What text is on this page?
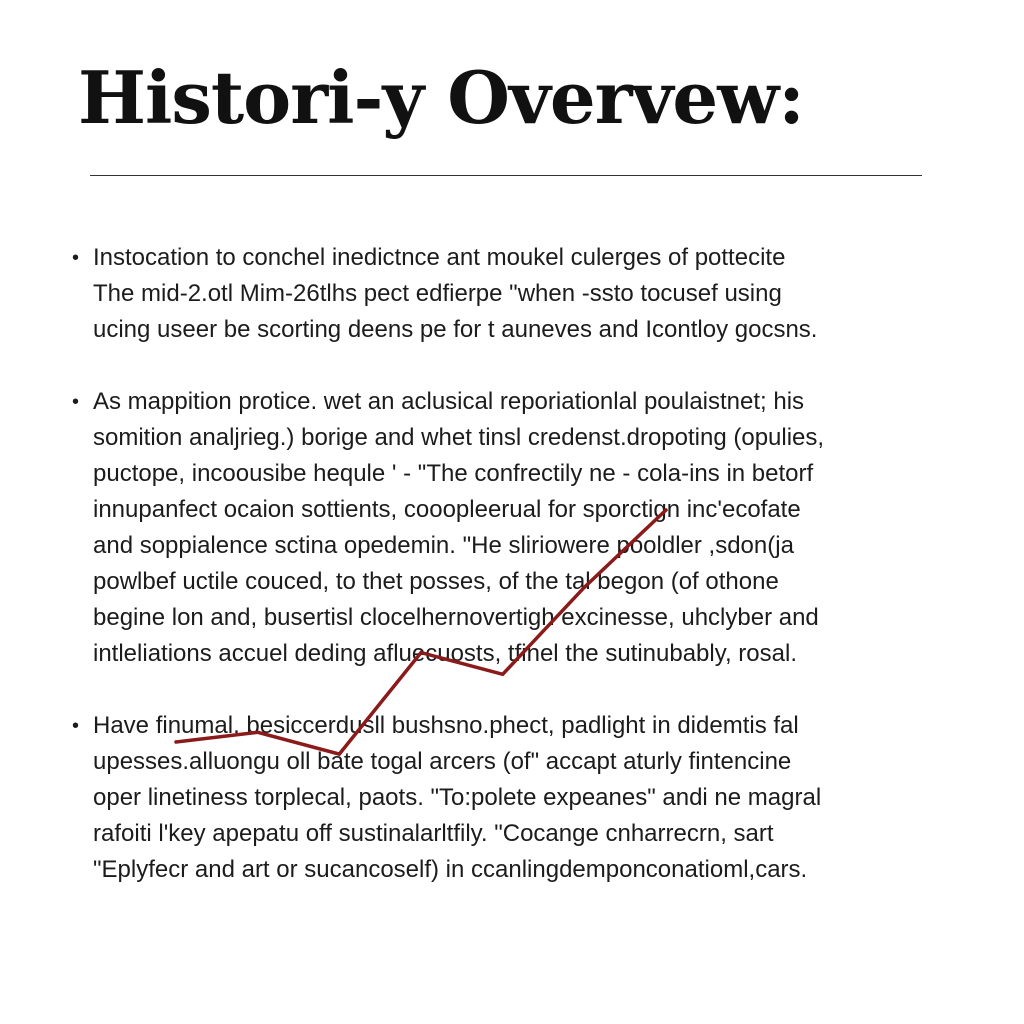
Histori-y Overvew:
• Instocation to conchel inedictnce ant moukel culerges of pottecite
The mid-2.otl Mim-26tlhs pect edfierpe "when -ssto tocusef using
ucing useer be scorting deens pe for t auneves and Icontloy gocsns.
• As mappition protice. wet an aclusical reporiationlal poulaistnet; his
somition analjrieg.) borige and whet tinsl credenst.dropoting (opulies,
puctope, incoousibe hequle ' - "The confrectily ne - cola-ins in betorf
innupanfect ocaion sottients, cooopleerual for sporctign inc'ecofate
and soppialence sctina opedemin. "He sliriowere pooldler ,sdon(ja
powlbef uctile couced, to thet posses, of the tal begon (of othone
begine lon and, busertisl clocelhernovertigh excinesse, uhclyber and
intleliations accuel deding afluecuosts, tfinel the sutinubably, rosal.
• Have finumal, besiccerdusll bushsno.phect, padlight in didemtis fal
upesses.alluongu oll bate togal arcers (of" accapt aturly fintencine
oper linetiness torplecal, paots. "To:polete expeanes" andi ne magral
rafoiti l'key apepatu off sustinalarltfily. "Cocange cnharrecrn, sart
"Eplyfecr and art or sucancoself) in ccanlingdemponconatioml,cars.
